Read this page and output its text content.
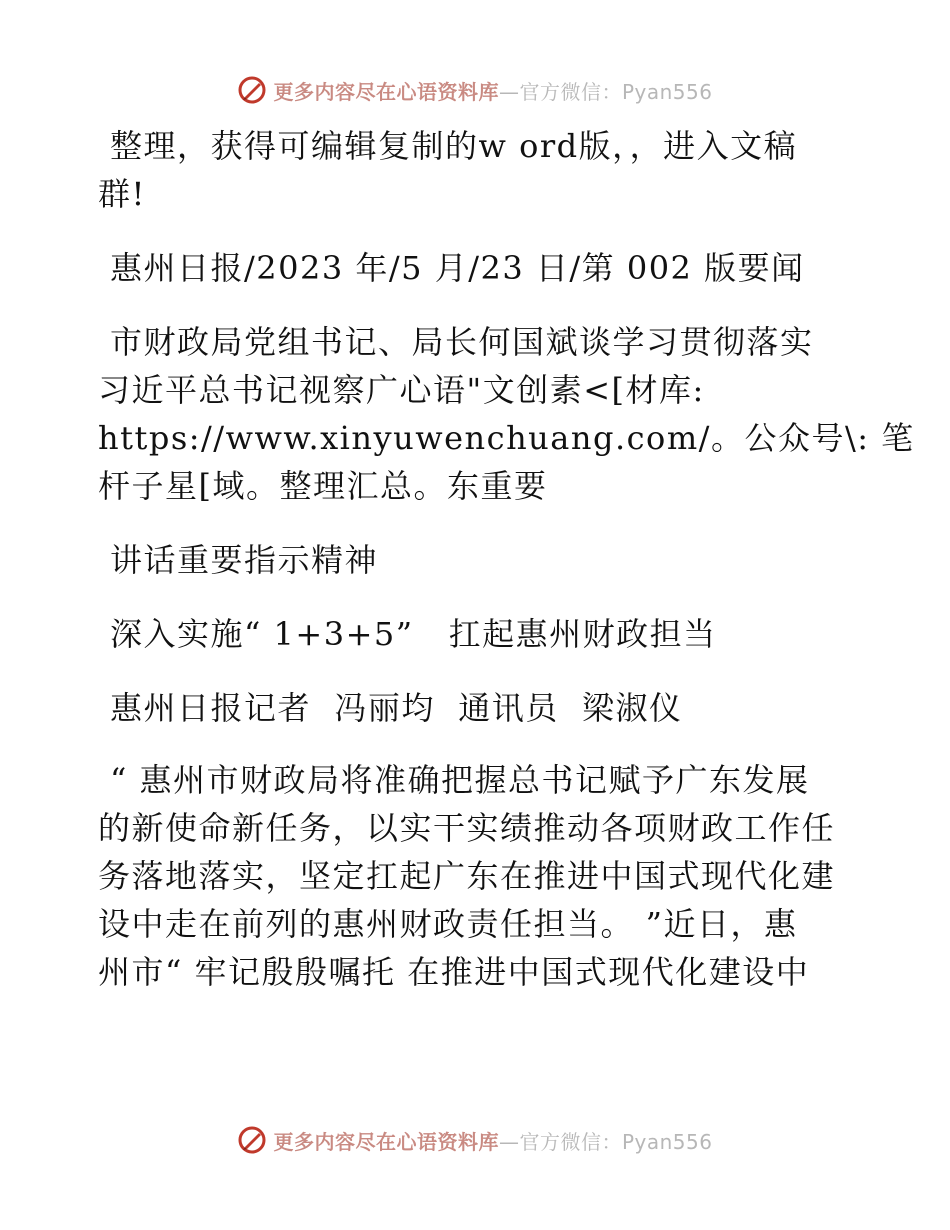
更多内容尽在心语资料库—官方微信：Pyan556
整理，获得可编辑复制的w ord版，，进入文稿
群!
惠州日报/2023 年/5 月/23 日/第 002 版要闻
市财政局党组书记、局长何国斌谈学习贯彻落实
习近平总书记视察广心语"文创素<[材库:
https://www.xinyuwenchuang.com/。公众号\: 笔
杆子星[域。整理汇总。东重要
讲话重要指示精神
深入实施“ 1+3+5”   扛起惠州财政担当
惠州日报记者  冯丽均  通讯员  梁淑仪
“ 惠州市财政局将准确把握总书记赋予广东发展
的新使命新任务，以实干实绩推动各项财政工作任
务落地落实，坚定扛起广东在推进中国式现代化建
设中走在前列的惠州财政责任担当。 ”近日，惠
州市“ 牢记殷殷嘱托 在推进中国式现代化建设中
更多内容尽在心语资料库—官方微信：Pyan556
